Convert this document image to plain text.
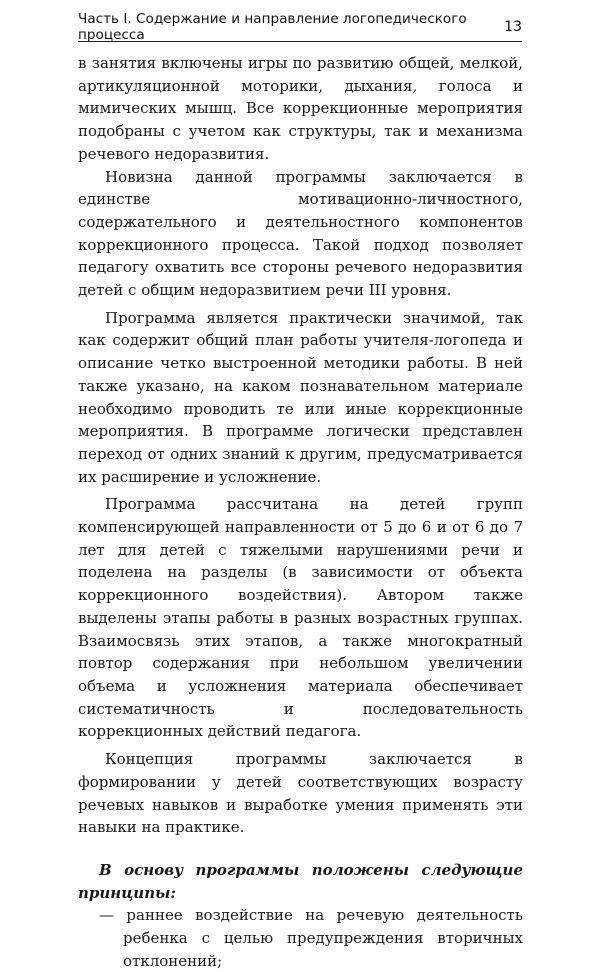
Часть I. Содержание и направление логопедического процесса	13

в занятия включены игры по развитию общей, мелкой, артикуляционной моторики, дыхания, голоса и мимических мышц. Все коррекционные мероприятия подобраны с учетом как структуры, так и механизма речевого недоразвития.

Новизна данной программы заключается в единстве мотивационно-личностного, содержательного и деятельностного компонентов коррекционного процесса. Такой подход позволяет педагогу охватить все стороны речевого недоразвития детей с общим недоразвитием речи III уровня.

Программа является практически значимой, так как содержит общий план работы учителя-логопеда и описание четко выстроенной методики работы. В ней также указано, на каком познавательном материале необходимо проводить те или иные коррекционные мероприятия. В программе логически представлен переход от одних знаний к другим, предусматривается их расширение и усложнение.

Программа рассчитана на детей групп компенсирующей направленности от 5 до 6 и от 6 до 7 лет для детей с тяжелыми нарушениями речи и поделена на разделы (в зависимости от объекта коррекционного воздействия). Автором также выделены этапы работы в разных возрастных группах. Взаимосвязь этих этапов, а также многократный повтор содержания при небольшом увеличении объема и усложнения материала обеспечивает систематичность и последовательность коррекционных действий педагога.

Концепция программы заключается в формировании у детей соответствующих возрасту речевых навыков и выработке умения применять эти навыки на практике.

В основу программы положены следующие принципы:

— раннее воздействие на речевую деятельность ребенка с целью предупреждения вторичных отклонений;
